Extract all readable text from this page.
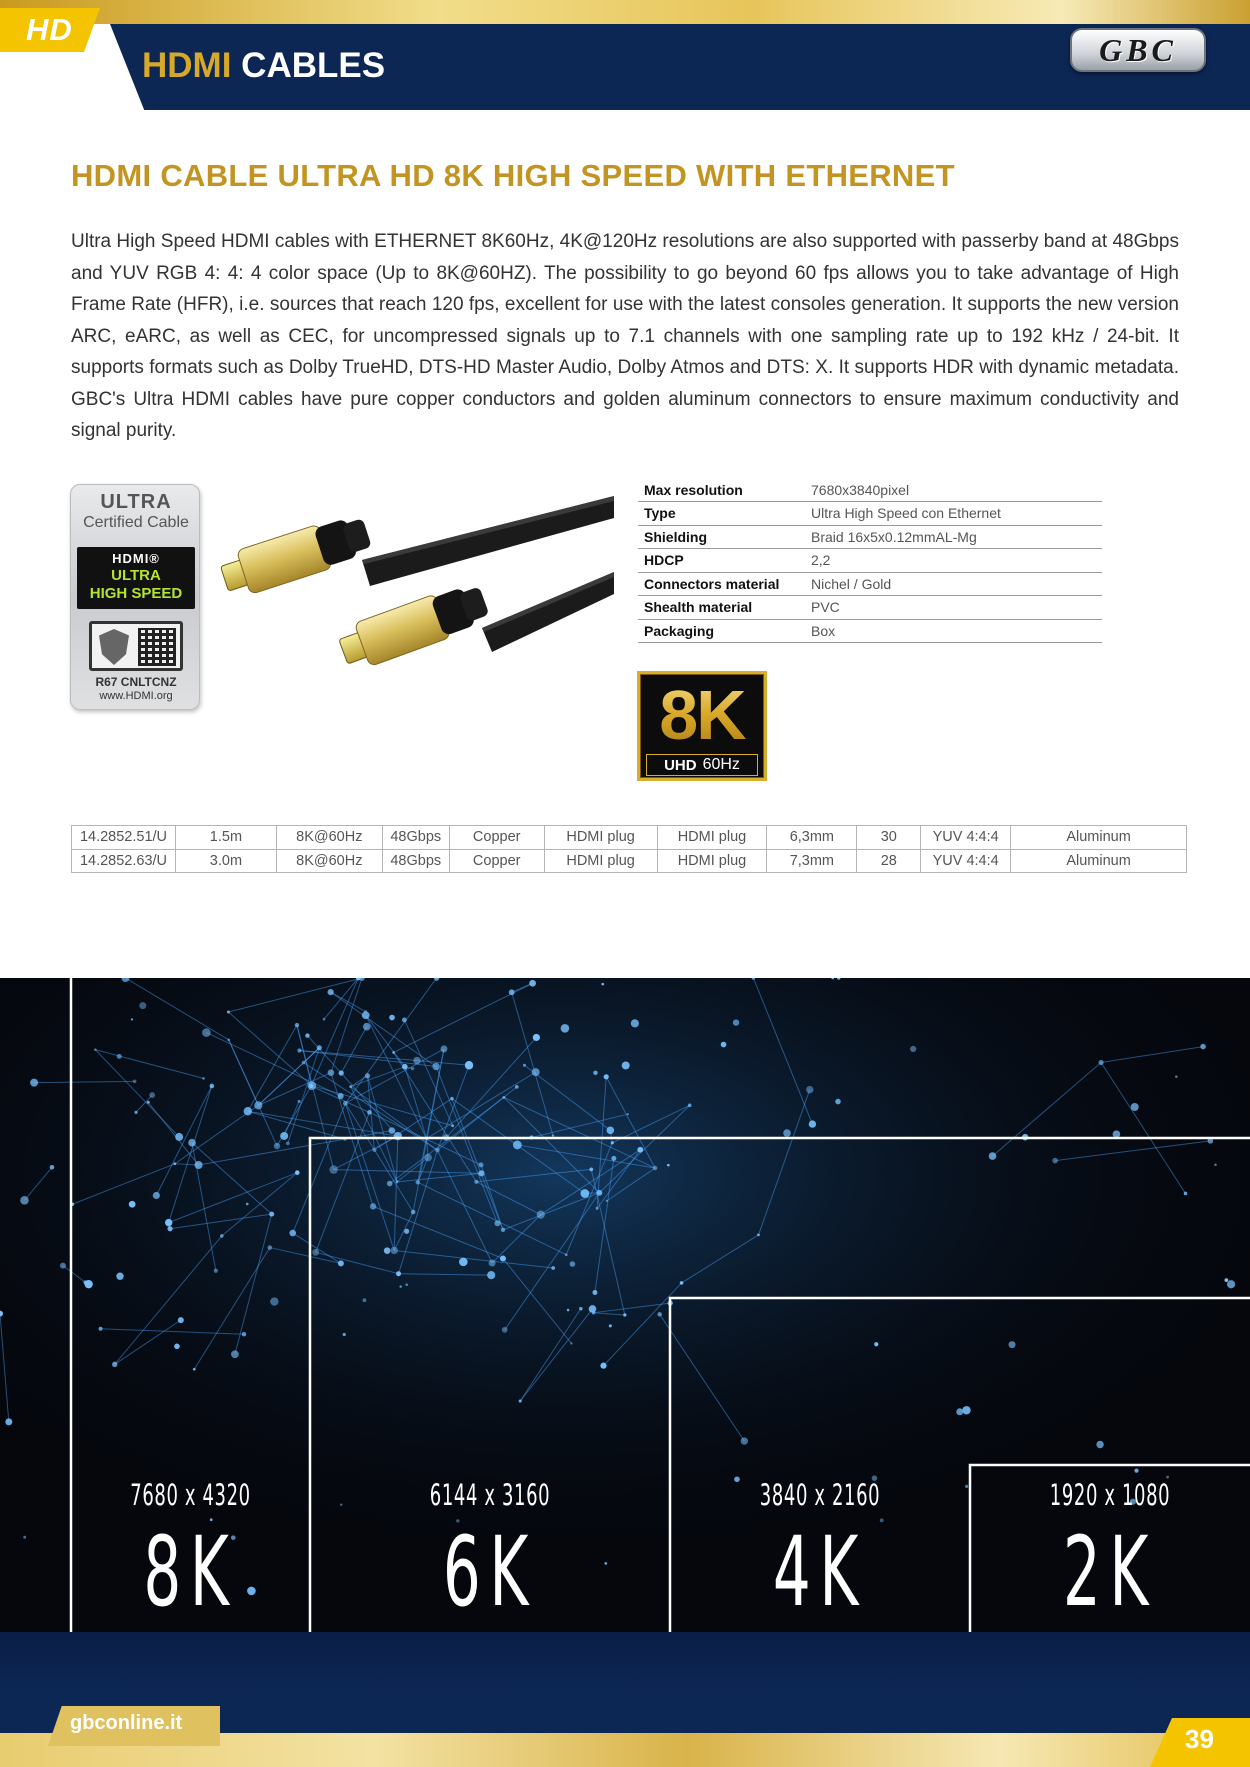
HD
HDMI CABLES	GBC
HDMI CABLE ULTRA HD 8K HIGH SPEED WITH ETHERNET

Ultra High Speed HDMI cables with ETHERNET 8K60Hz, 4K@120Hz resolutions are also supported with passerby band at 48Gbps and YUV RGB 4: 4: 4 color space (Up to 8K@60HZ). The possibility to go beyond 60 fps allows you to take advantage of High Frame Rate (HFR), i.e. sources that reach 120 fps, excellent for use with the latest consoles generation. It supports the new version ARC, eARC, as well as CEC, for uncompressed signals up to 7.1 channels with one sampling rate up to 192 kHz / 24-bit. It supports formats such as Dolby TrueHD, DTS-HD Master Audio, Dolby Atmos and DTS: X. It supports HDR with dynamic metadata. GBC's Ultra HDMI cables have pure copper conductors and golden aluminum connectors to ensure maximum conductivity and signal purity.

ULTRA
Certified Cable
HDMI®
ULTRA
HIGH SPEED
R67 CNLTCNZ
www.HDMI.org
Max resolution	7680x3840pixel
Type	Ultra High Speed con Ethernet
Shielding	Braid 16x5x0.12mmAL-Mg
HDCP	2,2
Connectors material	Nichel / Gold
Shealth material	PVC
Packaging	Box
8K
UHD 60Hz
14.2852.51/U	1.5m	8K@60Hz	48Gbps	Copper	HDMI plug	HDMI plug	6,3mm	30	YUV 4:4:4	Aluminum
14.2852.63/U	3.0m	8K@60Hz	48Gbps	Copper	HDMI plug	HDMI plug	7,3mm	28	YUV 4:4:4	Aluminum
7680 x 4320
8K
6144 x 3160
6K
3840 x 2160
4K
1920 x 1080
2K
gbconline.it
39
